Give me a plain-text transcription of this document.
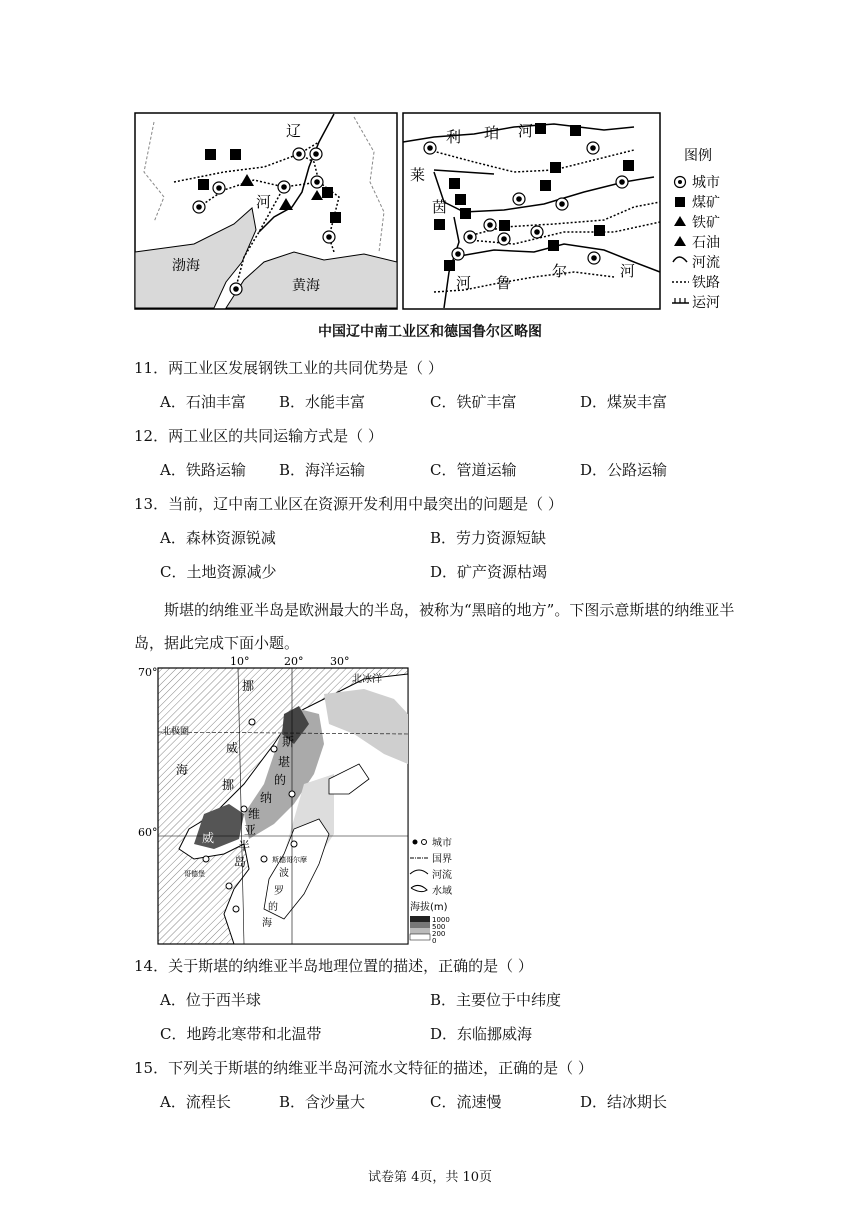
辽
河
渤海
黄海
利 珀 河
莱
茵
河 鲁
尔	河
图例
城市
煤矿
铁矿
石油
河流
铁路
运河
中国辽中南工业区和德国鲁尔区略图
11．两工业区发展钢铁工业的共同优势是（ ）
A．石油丰富 B．水能丰富	C．铁矿丰富	D．煤炭丰富
12．两工业区的共同运输方式是（ ）
A．铁路运输 B．海洋运输	C．管道运输	D．公路运输
13．当前，辽中南工业区在资源开发利用中最突出的问题是（ ）
A．森林资源锐减	B．劳力资源短缺
C．土地资源减少	D．矿产资源枯竭
斯堪的纳维亚半岛是欧洲最大的半岛，被称为“黑暗的地方”。下图示意斯堪的纳维亚半岛，据此完成下面小题。
70°
60°
10°	20° 30°
北冰洋
北极圈
挪
威
海
斯
堪
的
纳
维
亚
半
岛
挪
威
斯德哥尔摩
波
罗
的
海
哥德堡
城市
国界
河流
水域
海拔(m)
1000
500
200
0
14．关于斯堪的纳维亚半岛地理位置的描述，正确的是（ ）
A．位于西半球	B．主要位于中纬度
C．地跨北寒带和北温带	D．东临挪威海
15．下列关于斯堪的纳维亚半岛河流水文特征的描述，正确的是（ ）
A．流程长	B．含沙量大	C．流速慢	D．结冰期长
试卷第 4页，共 10页
